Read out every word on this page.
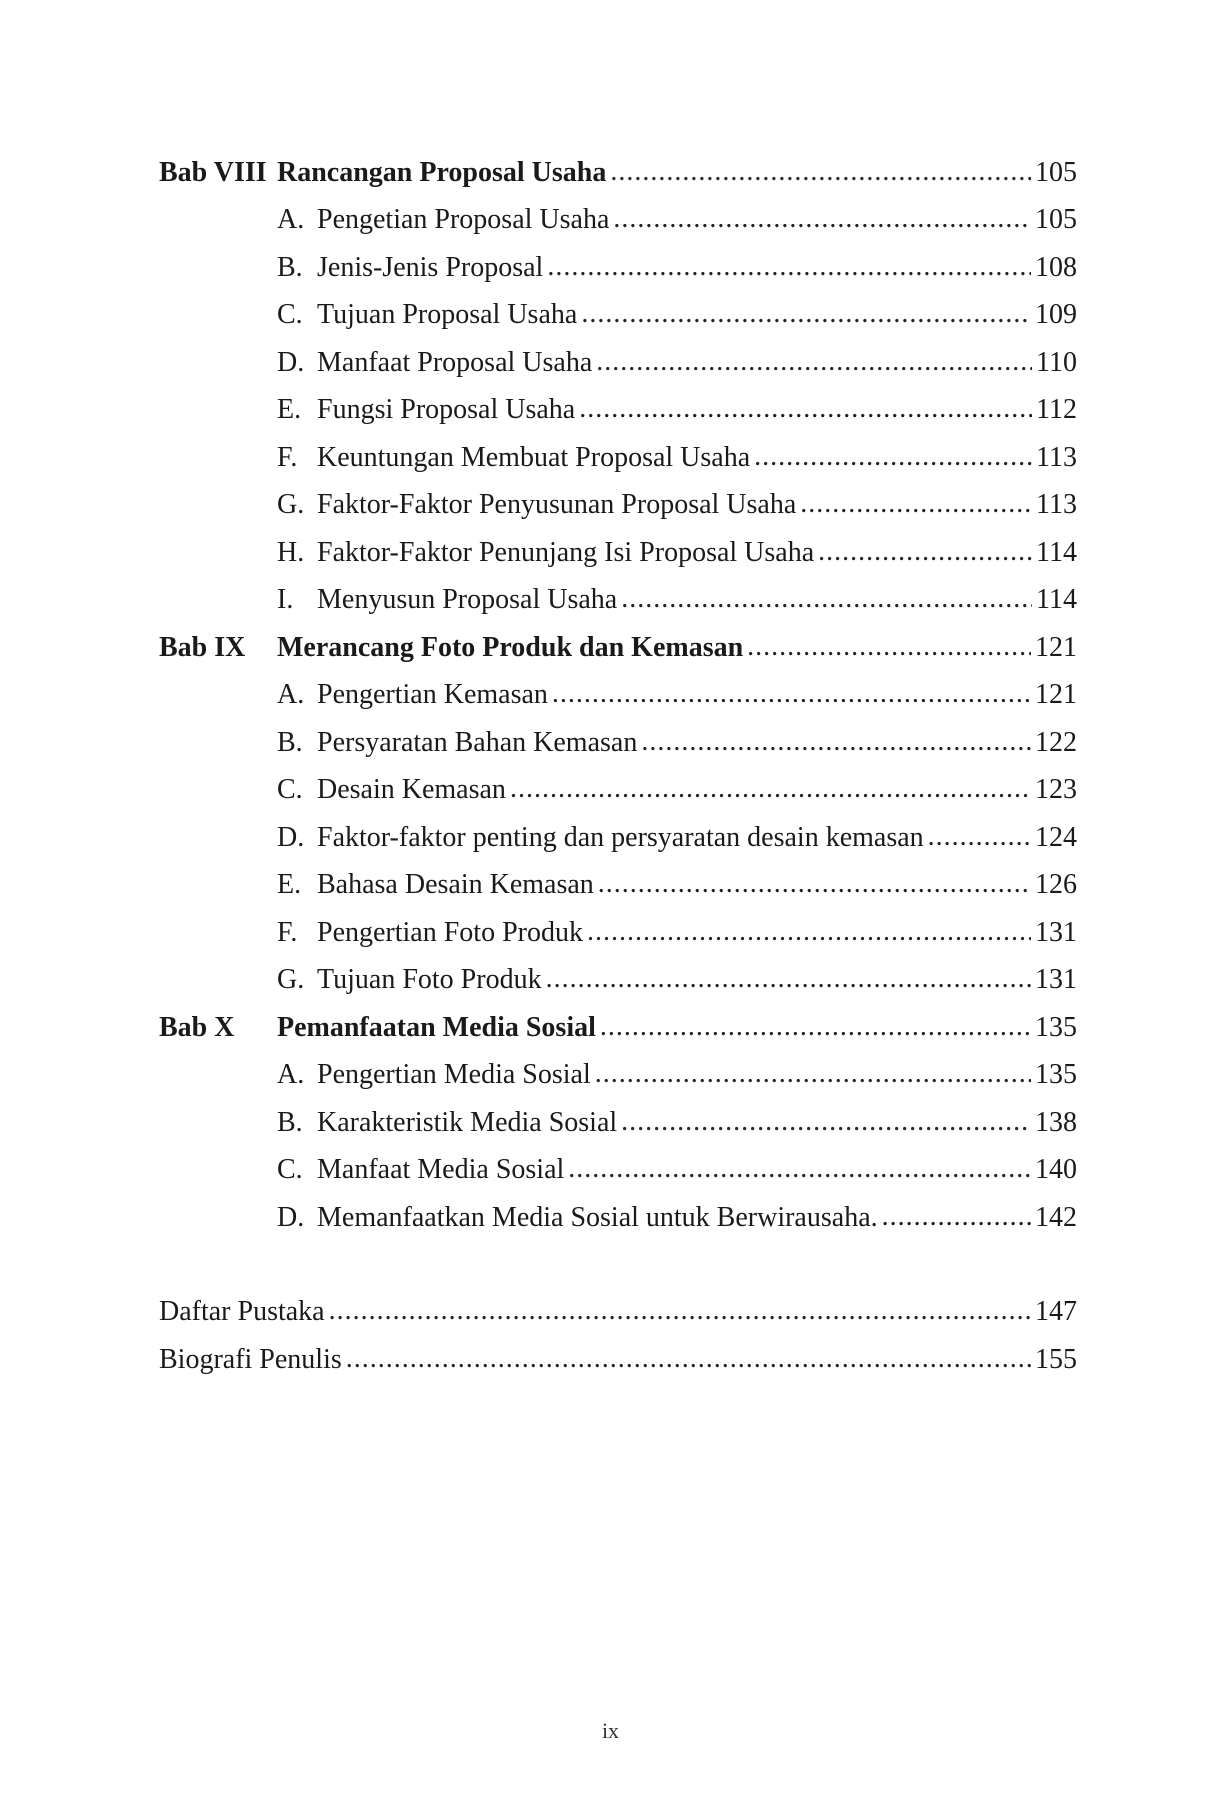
Bab VIII Rancangan Proposal Usaha .....	105
A. Pengetian Proposal Usaha .....	105
B. Jenis-Jenis Proposal .....	108
C. Tujuan Proposal Usaha .....	109
D. Manfaat Proposal Usaha .....	110
E. Fungsi Proposal Usaha .....	112
F. Keuntungan Membuat Proposal Usaha .....	113
G. Faktor-Faktor Penyusunan Proposal Usaha .....	113
H. Faktor-Faktor Penunjang Isi Proposal Usaha .....	114
I. Menyusun Proposal Usaha .....	114
Bab IX Merancang Foto Produk dan Kemasan .....	121
A. Pengertian Kemasan .....	121
B. Persyaratan Bahan Kemasan .....	122
C. Desain Kemasan .....	123
D. Faktor-faktor penting dan persyaratan desain kemasan .....	124
E. Bahasa Desain Kemasan .....	126
F. Pengertian Foto Produk .....	131
G. Tujuan Foto Produk .....	131
Bab X Pemanfaatan Media Sosial .....	135
A. Pengertian Media Sosial .....	135
B. Karakteristik Media Sosial .....	138
C. Manfaat Media Sosial .....	140
D. Memanfaatkan Media Sosial untuk Berwirausaha. .....	142
Daftar Pustaka .....	147
Biografi Penulis .....	155
ix
